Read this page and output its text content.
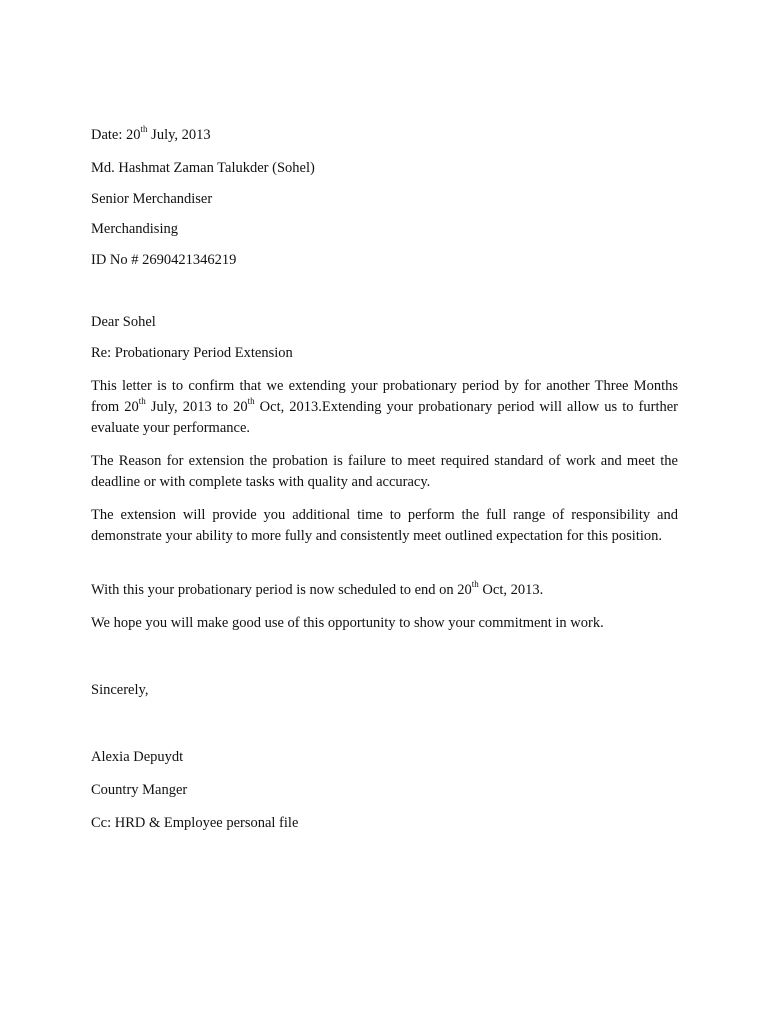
Date: 20th July, 2013

Md. Hashmat Zaman Talukder (Sohel)

Senior Merchandiser

Merchandising

ID No # 2690421346219

Dear Sohel

Re: Probationary Period Extension

This letter is to confirm that we extending your probationary period by for another Three Months from 20th July, 2013 to 20th Oct, 2013.Extending your probationary period will allow us to further evaluate your performance.

The Reason for extension the probation is failure to meet required standard of work and meet the deadline or with complete tasks with quality and accuracy.

The extension will provide you additional time to perform the full range of responsibility and demonstrate your ability to more fully and consistently meet outlined expectation for this position.

With this your probationary period is now scheduled to end on 20th Oct, 2013.

We hope you will make good use of this opportunity to show your commitment in work.

Sincerely,

Alexia Depuydt

Country Manger

Cc: HRD & Employee personal file
